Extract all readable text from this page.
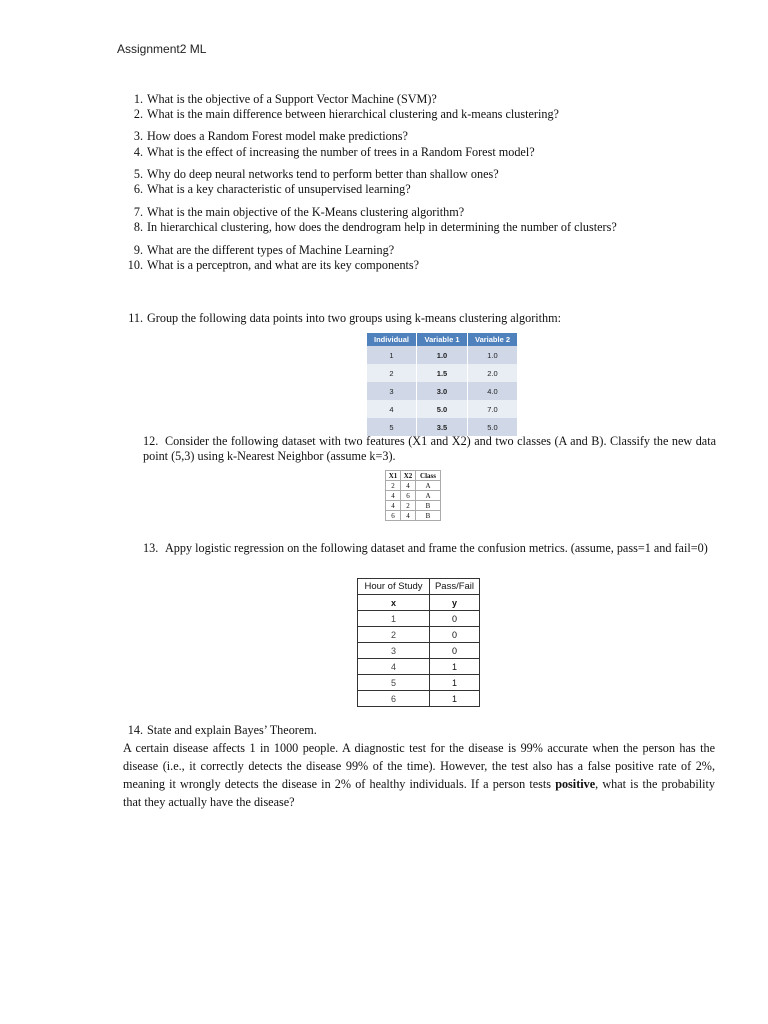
Assignment2 ML
1. What is the objective of a Support Vector Machine (SVM)?
2. What is the main difference between hierarchical clustering and k-means clustering?
3. How does a Random Forest model make predictions?
4. What is the effect of increasing the number of trees in a Random Forest model?
5. Why do deep neural networks tend to perform better than shallow ones?
6. What is a key characteristic of unsupervised learning?
7. What is the main objective of the K-Means clustering algorithm?
8. In hierarchical clustering, how does the dendrogram help in determining the number of clusters?
9. What are the different types of Machine Learning?
10. What is a perceptron, and what are its key components?
11. Group the following data points into two groups using k-means clustering algorithm:
Individual	Variable 1	Variable 2
1	1.0	1.0
2	1.5	2.0
3	3.0	4.0
4	5.0	7.0
5	3.5	5.0
12. Consider the following dataset with two features (X1 and X2) and two classes (A and B). Classify the new data point (5,3) using k-Nearest Neighbor (assume k=3).
X1	X2	Class
2	4	A
4	6	A
4	2	B
6	4	B
13. Appy logistic regression on the following dataset and frame the confusion metrics. (assume, pass=1 and fail=0)
Hour of Study	Pass/Fail
x	y
1	0
2	0
3	0
4	1
5	1
6	1
14. State and explain Bayes’ Theorem.
A certain disease affects 1 in 1000 people. A diagnostic test for the disease is 99% accurate when the person has the disease (i.e., it correctly detects the disease 99% of the time). However, the test also has a false positive rate of 2%, meaning it wrongly detects the disease in 2% of healthy individuals. If a person tests positive, what is the probability that they actually have the disease?
